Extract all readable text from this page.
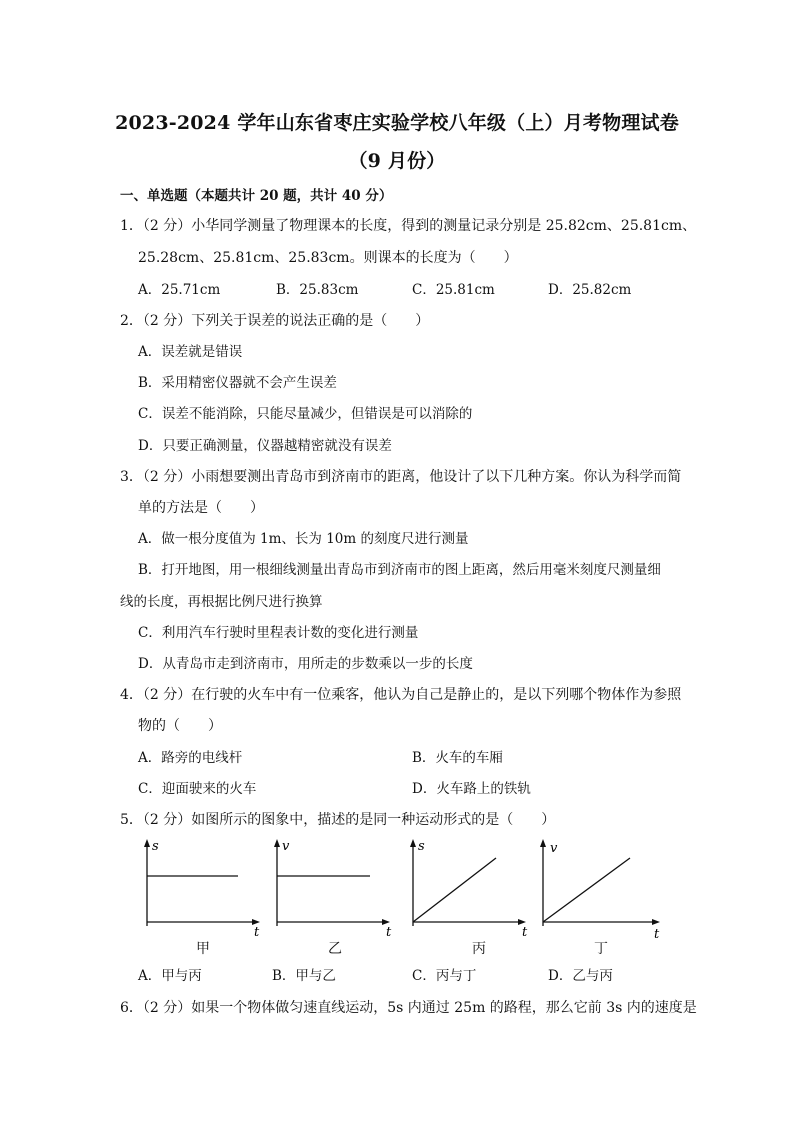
2023-2024 学年山东省枣庄实验学校八年级（上）月考物理试卷
（9 月份）
一、单选题（本题共计 20 题，共计 40 分）
1．（2 分）小华同学测量了物理课本的长度，得到的测量记录分别是 25.82cm、25.81cm、
25.28cm、25.81cm、25.83cm。则课本的长度为（　　）
A．25.71cm	B．25.83cm	C．25.81cm	D．25.82cm
2．（2 分）下列关于误差的说法正确的是（　　）
A．误差就是错误
B．采用精密仪器就不会产生误差
C．误差不能消除，只能尽量减少，但错误是可以消除的
D．只要正确测量，仪器越精密就没有误差
3．（2 分）小雨想要测出青岛市到济南市的距离，他设计了以下几种方案。你认为科学而简
单的方法是（　　）
A．做一根分度值为 1m、长为 10m 的刻度尺进行测量
B．打开地图，用一根细线测量出青岛市到济南市的图上距离，然后用毫米刻度尺测量细
线的长度，再根据比例尺进行换算
C．利用汽车行驶时里程表计数的变化进行测量
D．从青岛市走到济南市，用所走的步数乘以一步的长度
4．（2 分）在行驶的火车中有一位乘客，他认为自己是静止的，是以下列哪个物体作为参照
物的（　　）
A．路旁的电线杆	B．火车的车厢
C．迎面驶来的火车	D．火车路上的铁轨
5．（2 分）如图所示的图象中，描述的是同一种运动形式的是（　　）
s
t
甲
v
t
乙
s
t
丙
v
t
丁
A．甲与丙	B．甲与乙	C．丙与丁	D．乙与丙
6．（2 分）如果一个物体做匀速直线运动，5s 内通过 25m 的路程，那么它前 3s 内的速度是
